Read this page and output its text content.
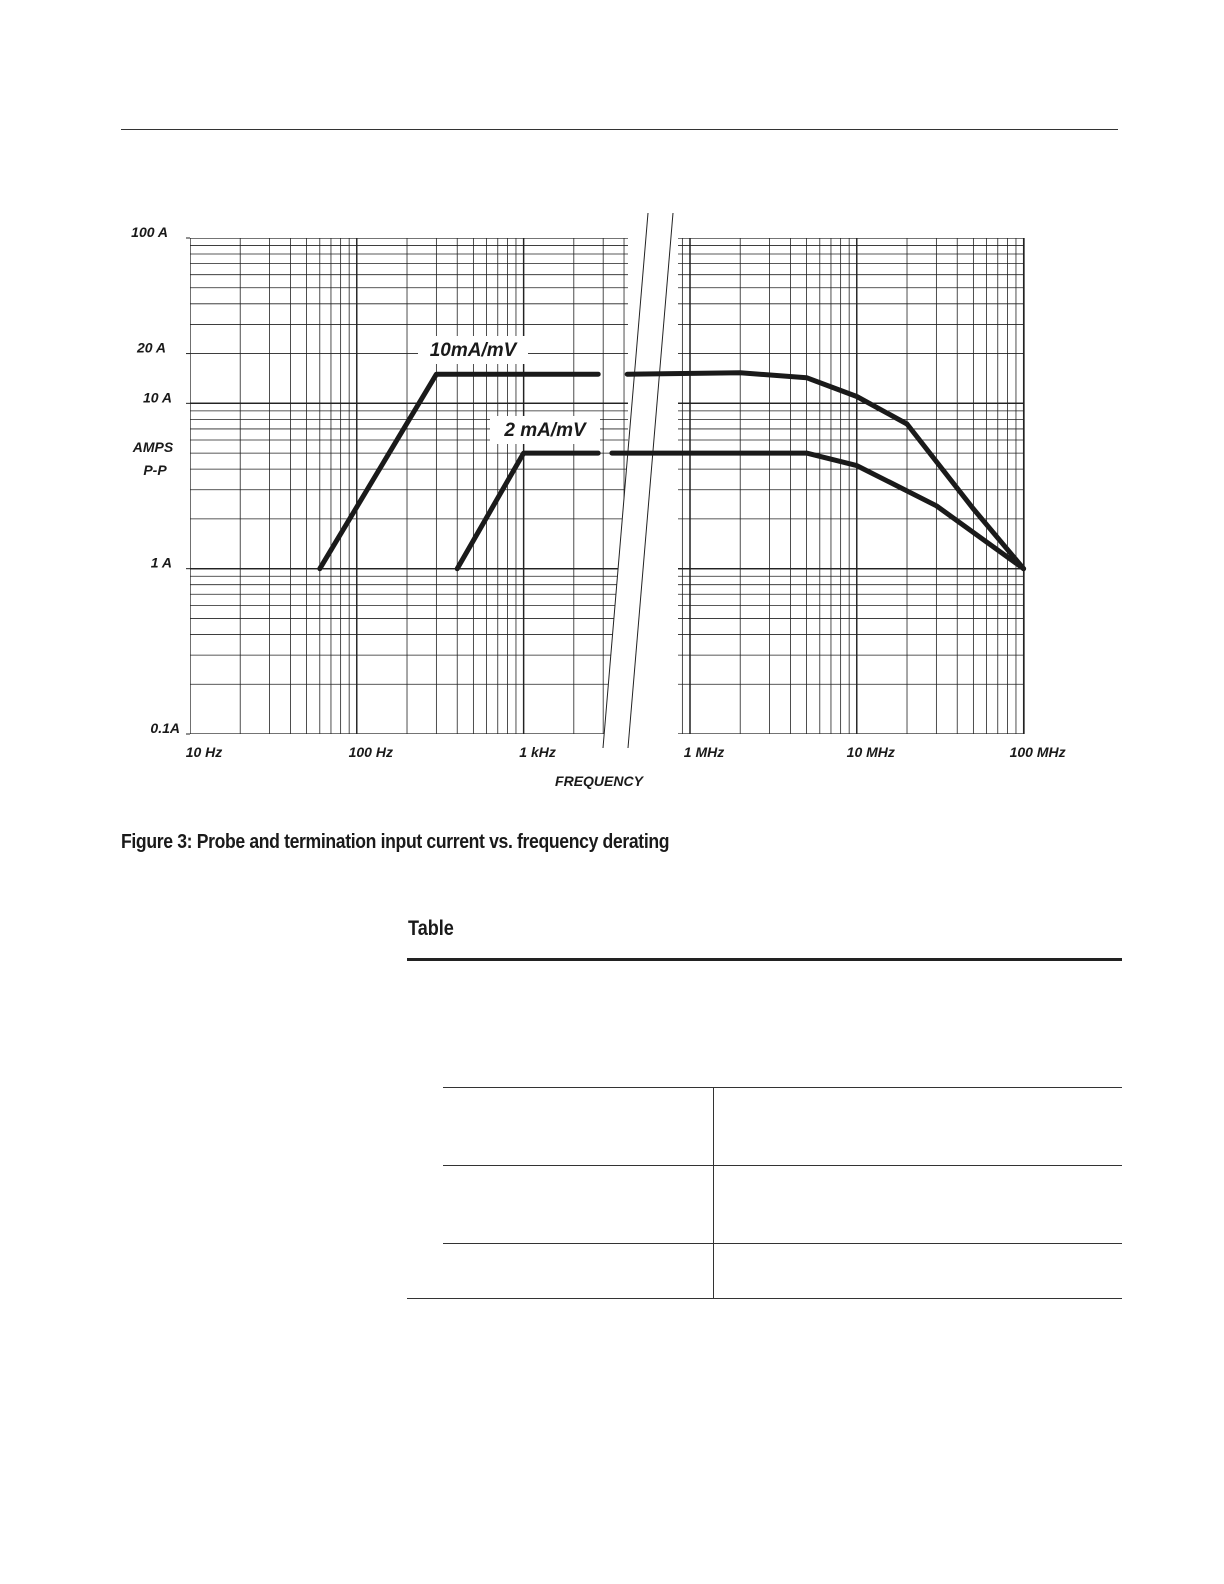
100 A
20 A
10 A
1 A
0.1A
10 Hz	100 Hz	1 kHz	1 MHz	10 MHz	100 MHz
AMPS
P-P
FREQUENCY
10mA/mV
2 mA/mV
Figure 3: Probe and termination input current vs. frequency derating
Table
